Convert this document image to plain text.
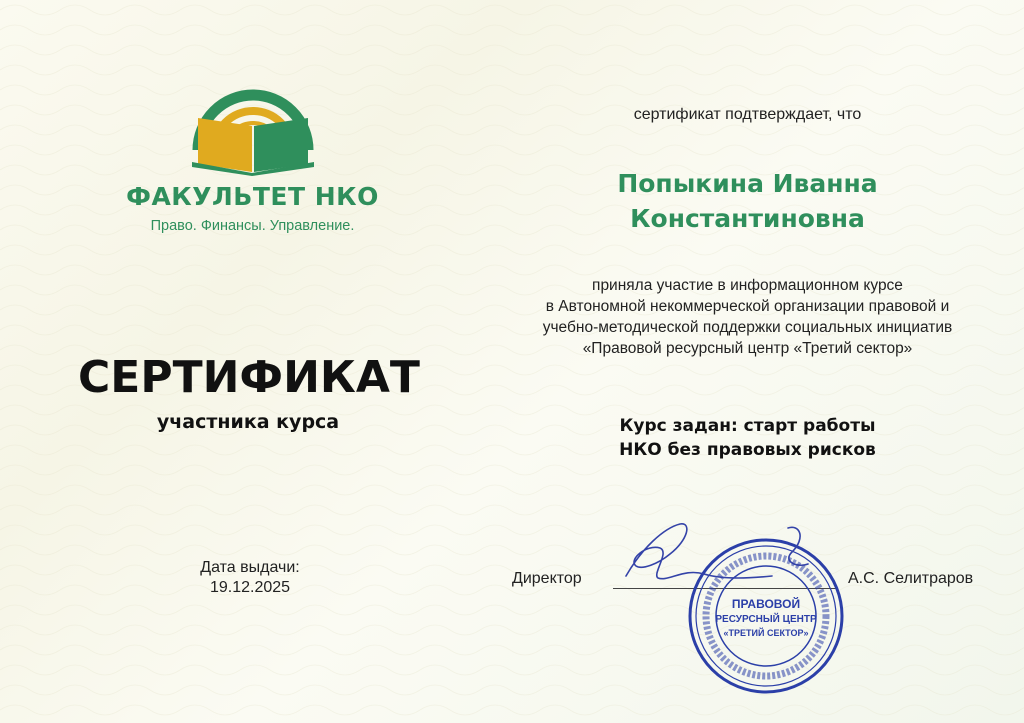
ФАКУЛЬТЕТ НКО
Право. Финансы. Управление.
СЕРТИФИКАТ
участника курса
Дата выдачи:
19.12.2025
сертификат подтверждает, что
Попыкина Иванна
Константиновна
приняла участие в информационном курсе
в Автономной некоммерческой организации правовой и
учебно-методической поддержки социальных инициатив
«Правовой ресурсный центр «Третий сектор»
Курс задан: старт работы
НКО без правовых рисков
Директор	А.С. Селитраров
ПРАВОВОЙ
РЕСУРСНЫЙ ЦЕНТР
«ТРЕТИЙ СЕКТОР»
